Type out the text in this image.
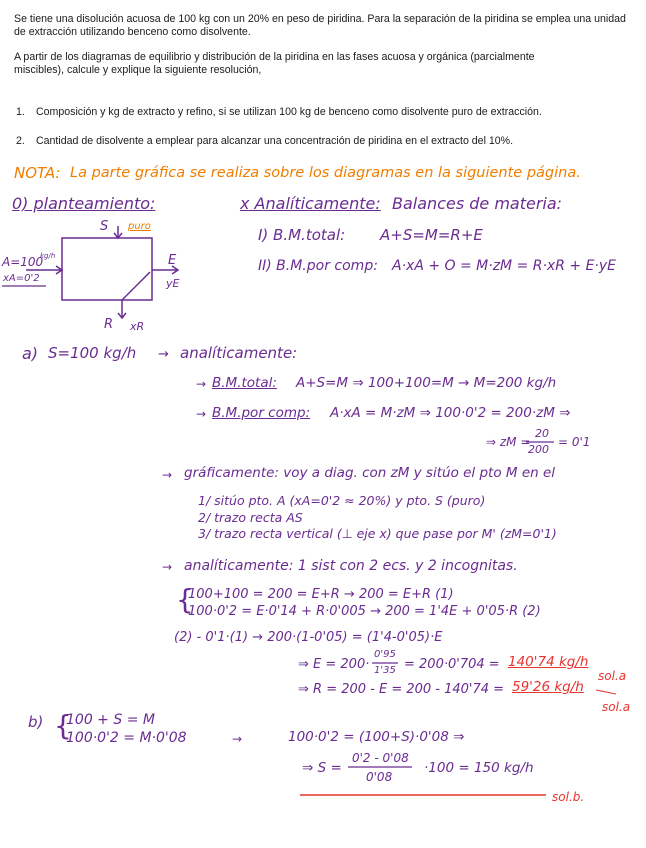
Se tiene una disolución acuosa de 100 kg con un 20% en peso de piridina. Para la separación de la piridina se emplea una unidad de extracción utilizando benceno como disolvente.

A partir de los diagramas de equilibrio y distribución de la piridina en las fases acuosa y orgánica (parcialmente miscibles), calcule y explique la siguiente resolución,

1. Composición y kg de extracto y refino, si se utilizan 100 kg de benceno como disolvente puro de extracción.
2. Cantidad de disolvente a emplear para alcanzar una concentración de piridina en el extracto del 10%.
NOTA: La parte gráfica se realiza sobre los diagramas en la siguiente página.
0) planteamiento:	x Analíticamente: Balances de materia:
S puro
A=100
kg/h
xA=0'2
E
yE
R xR
I) B.M.total: A+S=M=R+E
II) B.M.por comp: A·xA + O = M·zM = R·xR + E·yE
a) S=100 kg/h → analíticamente:
→ B.M.total: A+S=M ⇒ 100+100=M → M=200 kg/h
→ B.M.por comp: A·xA = M·zM ⇒ 100·0'2 = 200·zM ⇒
⇒ zM =
20
200
= 0'1
→ gráficamente: voy a diag. con zM y sitúo el pto M en el
1/ sitúo pto. A (xA=0'2 ≈ 20%) y pto. S (puro)
2/ trazo recta AS
3/ trazo recta vertical (⊥ eje x) que pase por M' (zM=0'1)
→ analíticamente: 1 sist con 2 ecs. y 2 incognitas.
{
100+100 = 200 = E+R → 200 = E+R (1)
100·0'2 = E·0'14 + R·0'005 → 200 = 1'4E + 0'05·R (2)
(2) - 0'1·(1) → 200·(1-0'05) = (1'4-0'05)·E
⇒ E = 200·
0'95
1'35 = 200·0'704 = 140'74 kg/h
⇒ R = 200 - E = 200 - 140'74 = 59'26 kg/h
sol.a
sol.a
b) {
100 + S = M
100·0'2 = M·0'08	→	100·0'2 = (100+S)·0'08 ⇒
⇒ S =
0'2 - 0'08
0'08
·100 = 150 kg/h
sol.b.
